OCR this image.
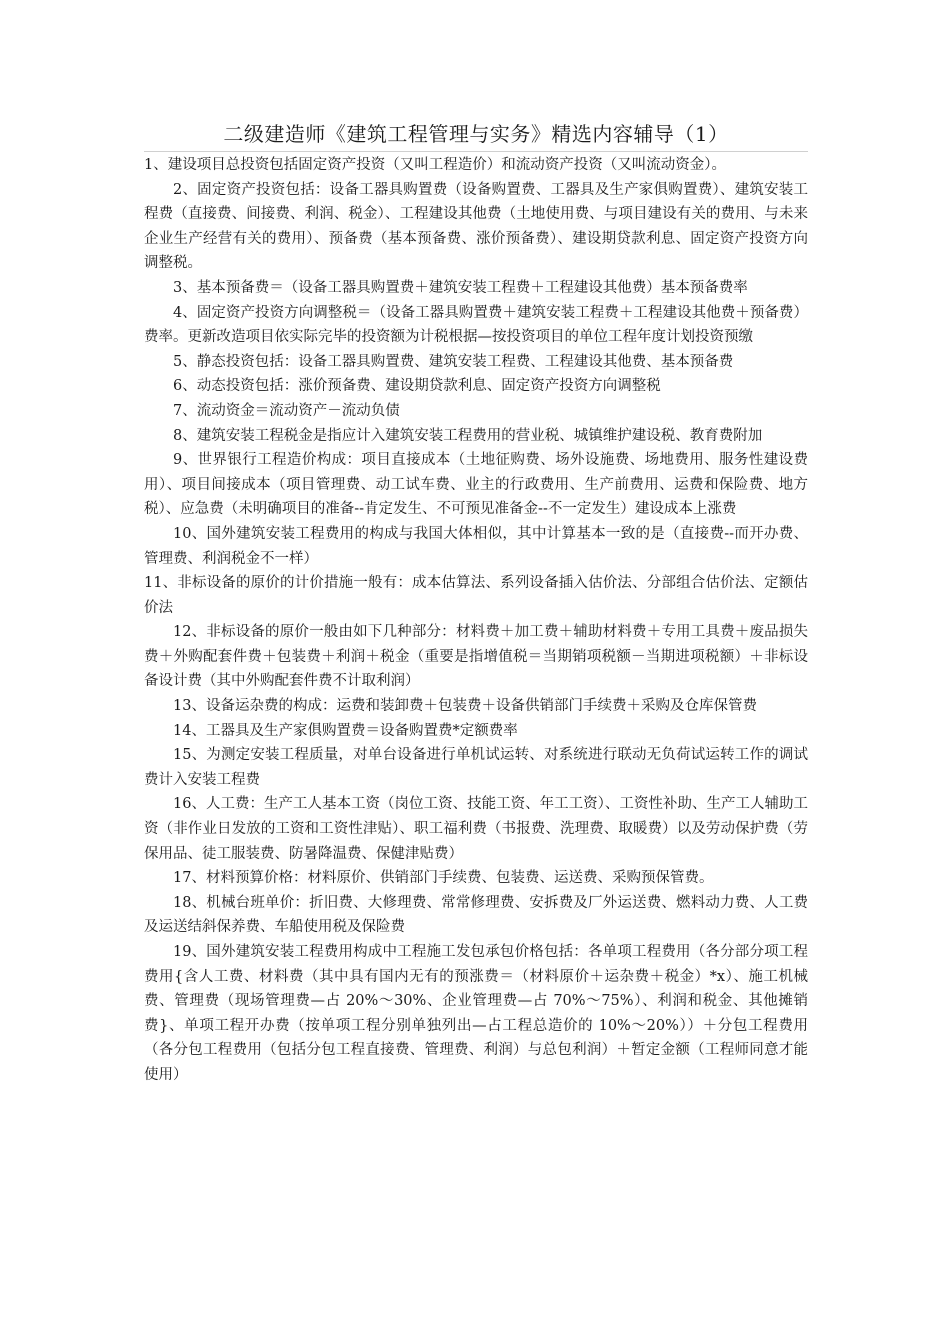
二级建造师《建筑工程管理与实务》精选内容辅导（1）

1、建设项目总投资包括固定资产投资（又叫工程造价）和流动资产投资（又叫流动资金）。

2、固定资产投资包括：设备工器具购置费（设备购置费、工器具及生产家俱购置费）、建筑安装工程费（直接费、间接费、利润、税金）、工程建设其他费（土地使用费、与项目建设有关的费用、与未来企业生产经营有关的费用）、预备费（基本预备费、涨价预备费）、建设期贷款利息、固定资产投资方向调整税。

3、基本预备费＝（设备工器具购置费＋建筑安装工程费＋工程建设其他费）基本预备费率

4、固定资产投资方向调整税＝（设备工器具购置费＋建筑安装工程费＋工程建设其他费＋预备费）费率。更新改造项目依实际完毕的投资额为计税根据—按投资项目的单位工程年度计划投资预缴

5、静态投资包括：设备工器具购置费、建筑安装工程费、工程建设其他费、基本预备费

6、动态投资包括：涨价预备费、建设期贷款利息、固定资产投资方向调整税

7、流动资金＝流动资产－流动负债

8、建筑安装工程税金是指应计入建筑安装工程费用的营业税、城镇维护建设税、教育费附加

9、世界银行工程造价构成：项目直接成本（土地征购费、场外设施费、场地费用、服务性建设费用）、项目间接成本（项目管理费、动工试车费、业主的行政费用、生产前费用、运费和保险费、地方税）、应急费（未明确项目的准备--肯定发生、不可预见准备金--不一定发生）建设成本上涨费

10、国外建筑安装工程费用的构成与我国大体相似，其中计算基本一致的是（直接费--而开办费、管理费、利润税金不一样）

11、非标设备的原价的计价措施一般有：成本估算法、系列设备插入估价法、分部组合估价法、定额估价法

12、非标设备的原价一般由如下几种部分：材料费＋加工费＋辅助材料费＋专用工具费＋废品损失费＋外购配套件费＋包装费＋利润＋税金（重要是指增值税＝当期销项税额－当期进项税额）＋非标设备设计费（其中外购配套件费不计取利润）

13、设备运杂费的构成：运费和装卸费＋包装费＋设备供销部门手续费＋采购及仓库保管费

14、工器具及生产家俱购置费＝设备购置费*定额费率

15、为测定安装工程质量，对单台设备进行单机试运转、对系统进行联动无负荷试运转工作的调试费计入安装工程费

16、人工费：生产工人基本工资（岗位工资、技能工资、年工工资）、工资性补助、生产工人辅助工资（非作业日发放的工资和工资性津贴）、职工福利费（书报费、洗理费、取暖费）以及劳动保护费（劳保用品、徒工服装费、防暑降温费、保健津贴费）

17、材料预算价格：材料原价、供销部门手续费、包装费、运送费、采购预保管费。

18、机械台班单价：折旧费、大修理费、常常修理费、安拆费及厂外运送费、燃料动力费、人工费及运送结斜保养费、车船使用税及保险费

19、国外建筑安装工程费用构成中工程施工发包承包价格包括：各单项工程费用（各分部分项工程费用{含人工费、材料费（其中具有国内无有的预涨费＝（材料原价＋运杂费＋税金）*x）、施工机械费、管理费（现场管理费—占 20%～30%、企业管理费—占 70%～75%）、利润和税金、其他摊销费}、单项工程开办费（按单项工程分别单独列出—占工程总造价的 10%～20%））＋分包工程费用（各分包工程费用（包括分包工程直接费、管理费、利润）与总包利润）＋暂定金额（工程师同意才能使用）
